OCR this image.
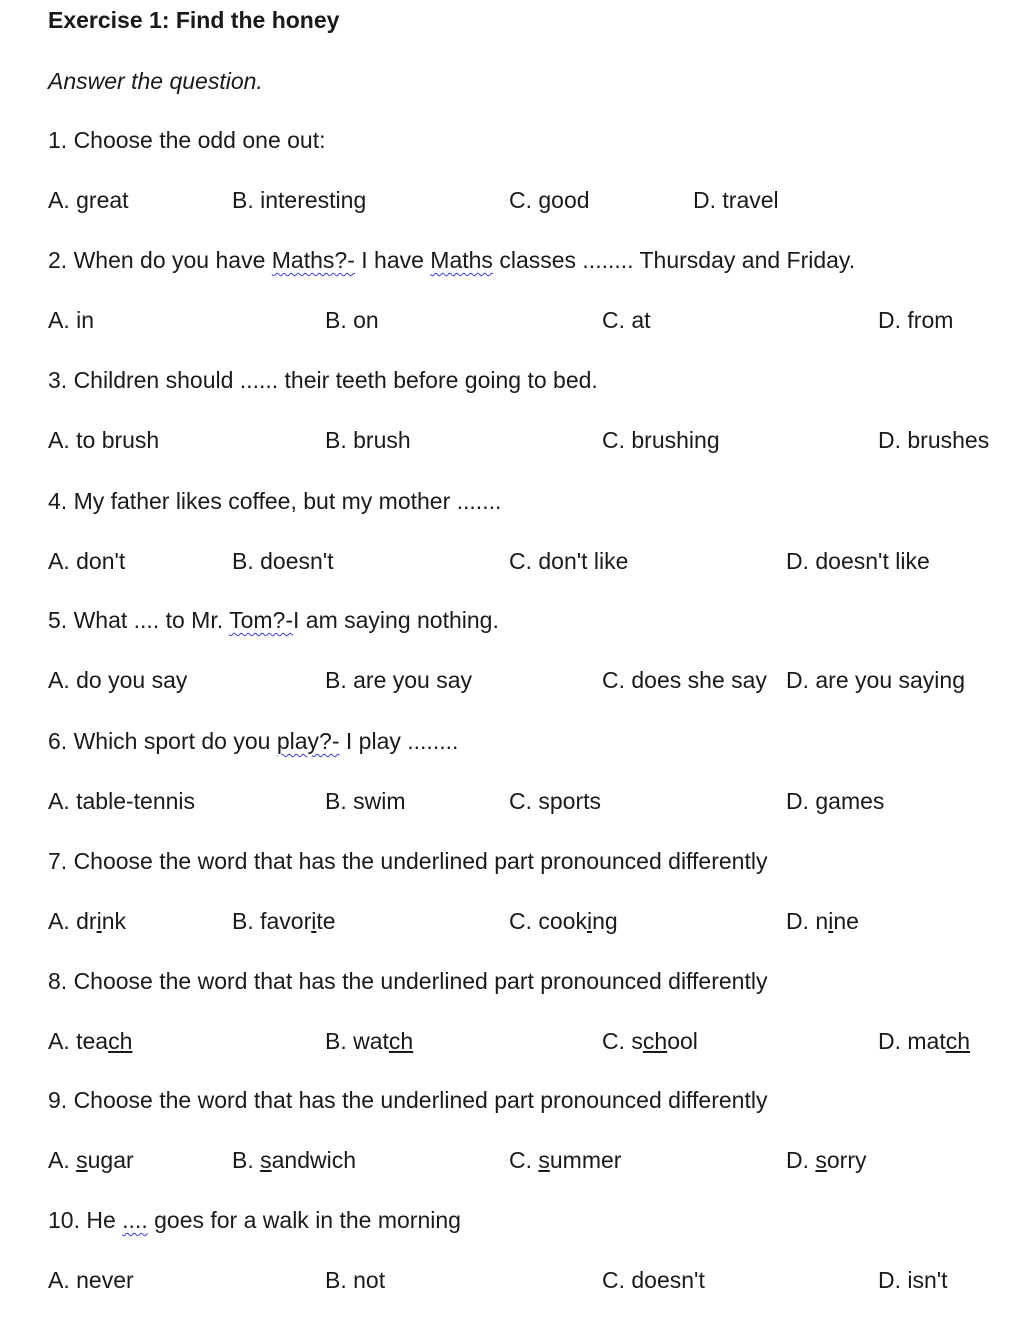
Exercise 1: Find the honey
Answer the question.
1. Choose the odd one out:
A. great	B. interesting	C. good	D. travel
2. When do you have Maths?- I have Maths classes ........ Thursday and Friday.
A. in	B. on	C. at	D. from
3. Children should ...... their teeth before going to bed.
A. to brush	B. brush	C. brushing	D. brushes
4. My father likes coffee, but my mother .......
A. don't	B. doesn't	C. don't like	D. doesn't like
5. What .... to Mr. Tom?-I am saying nothing.
A. do you say	B. are you say	C. does she say D. are you saying
6. Which sport do you play?- I play ........
A. table-tennis	B. swim	C. sports	D. games
7. Choose the word that has the underlined part pronounced differently
A. drink	B. favorite	C. cooking	D. nine
8. Choose the word that has the underlined part pronounced differently
A. teach	B. watch	C. school	D. match
9. Choose the word that has the underlined part pronounced differently
A. sugar	B. sandwich	C. summer	D. sorry
10. He .... goes for a walk in the morning
A. never	B. not	C. doesn't	D. isn't
